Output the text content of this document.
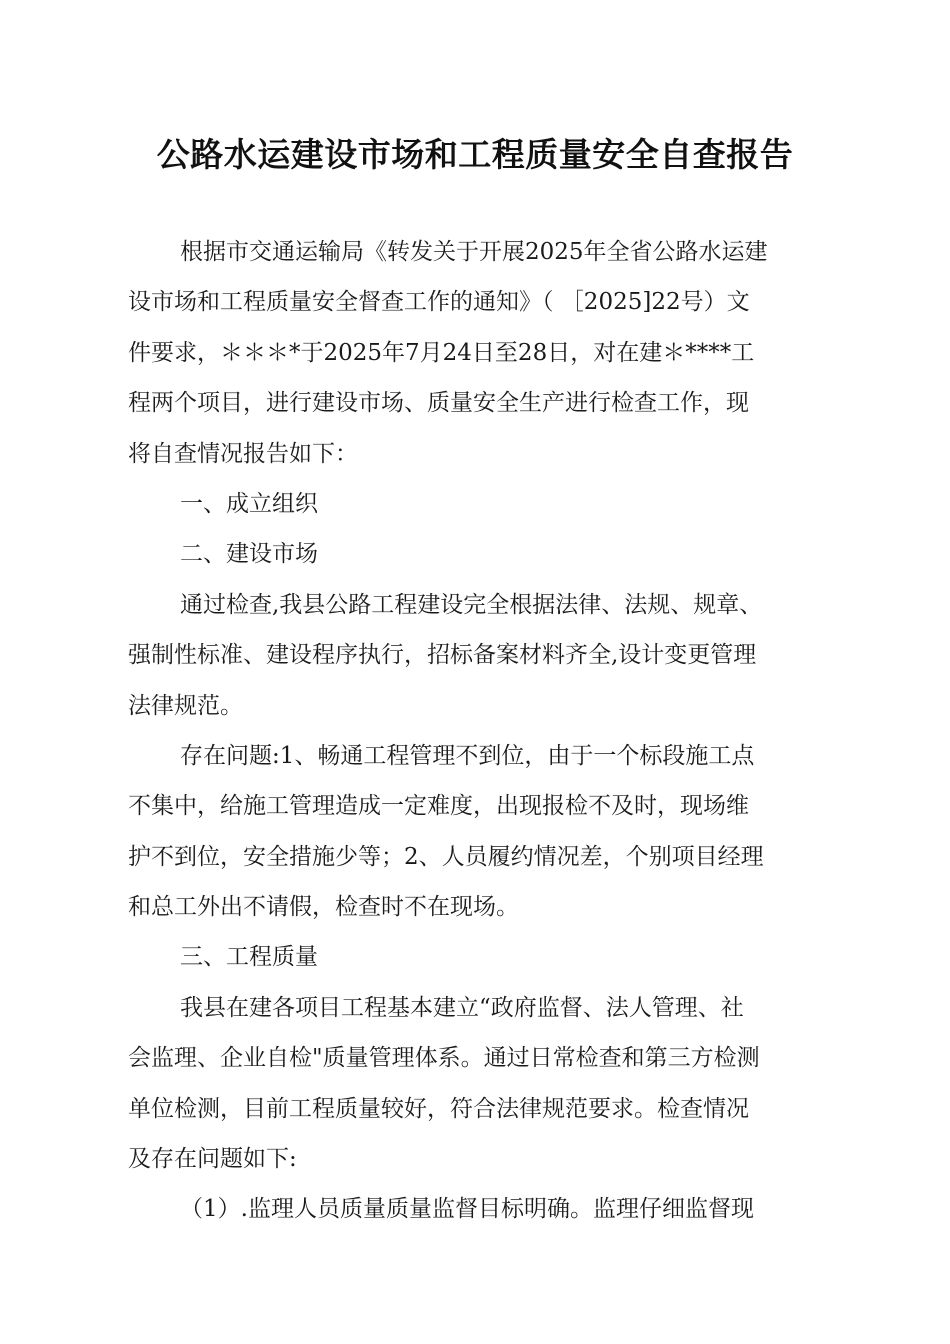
公路水运建设市场和工程质量安全自查报告
根据市交通运输局《转发关于开展2025年全省公路水运建
设市场和工程质量安全督查工作的通知》（ ［2025]22号）文
件要求，＊＊＊*于2025年7月24日至28日，对在建＊****工
程两个项目，进行建设市场、质量安全生产进行检查工作，现
将自查情况报告如下：
一、成立组织
二、建设市场
通过检查,我县公路工程建设完全根据法律、法规、规章、
强制性标准、建设程序执行，招标备案材料齐全,设计变更管理
法律规范。
存在问题:1、畅通工程管理不到位，由于一个标段施工点
不集中，给施工管理造成一定难度，出现报检不及时，现场维
护不到位，安全措施少等；2、人员履约情况差，个别项目经理
和总工外出不请假，检查时不在现场。
三、工程质量
我县在建各项目工程基本建立“政府监督、法人管理、社
会监理、企业自检"质量管理体系。通过日常检查和第三方检测
单位检测，目前工程质量较好，符合法律规范要求。检查情况
及存在问题如下:
（1）.监理人员质量质量监督目标明确。监理仔细监督现
